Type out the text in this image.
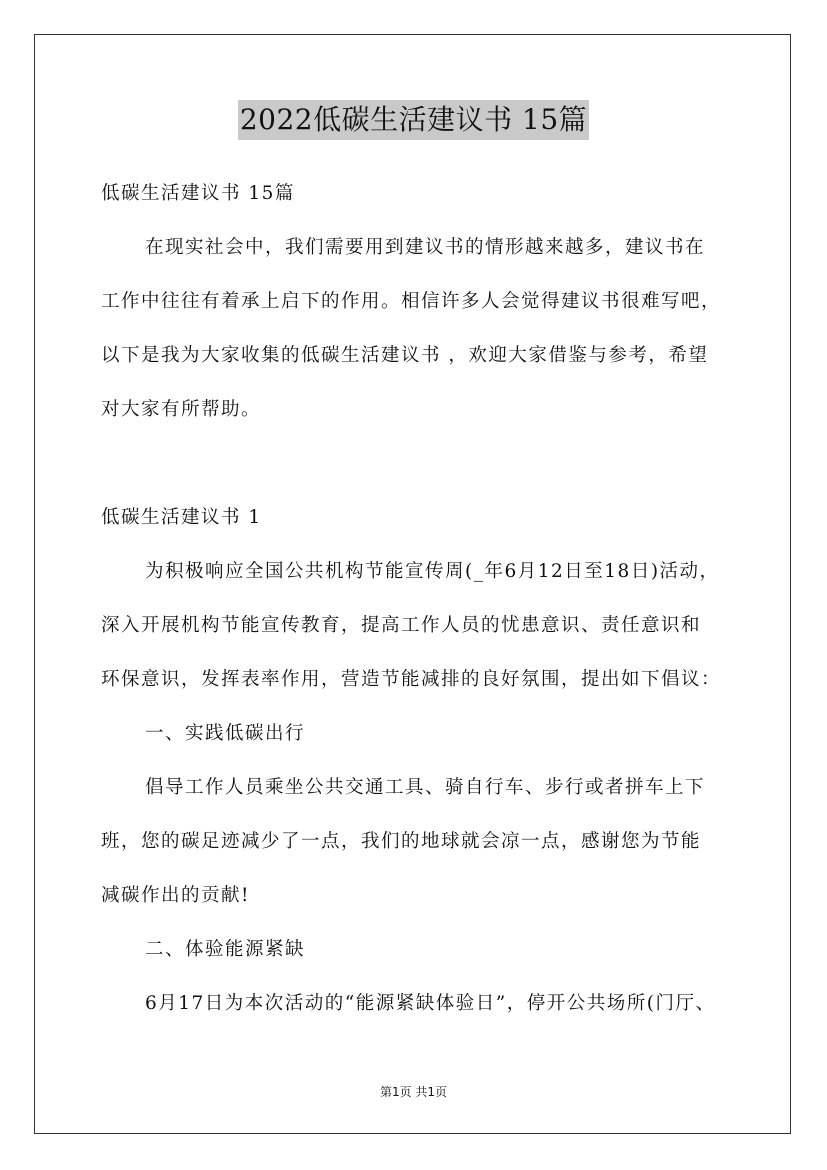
2022低碳生活建议书 15篇
低碳生活建议书 15篇
在现实社会中，我们需要用到建议书的情形越来越多，建议书在
工作中往往有着承上启下的作用。相信许多人会觉得建议书很难写吧，
以下是我为大家收集的低碳生活建议书 ，欢迎大家借鉴与参考，希望
对大家有所帮助。
低碳生活建议书 1
为积极响应全国公共机构节能宣传周(_年6月12日至18日)活动，
深入开展机构节能宣传教育，提高工作人员的忧患意识、责任意识和
环保意识，发挥表率作用，营造节能减排的良好氛围，提出如下倡议：
一、实践低碳出行
倡导工作人员乘坐公共交通工具、骑自行车、步行或者拼车上下
班，您的碳足迹减少了一点，我们的地球就会凉一点，感谢您为节能
减碳作出的贡献!
二、体验能源紧缺
6月17日为本次活动的“能源紧缺体验日”，停开公共场所(门厅、
第1页 共1页
